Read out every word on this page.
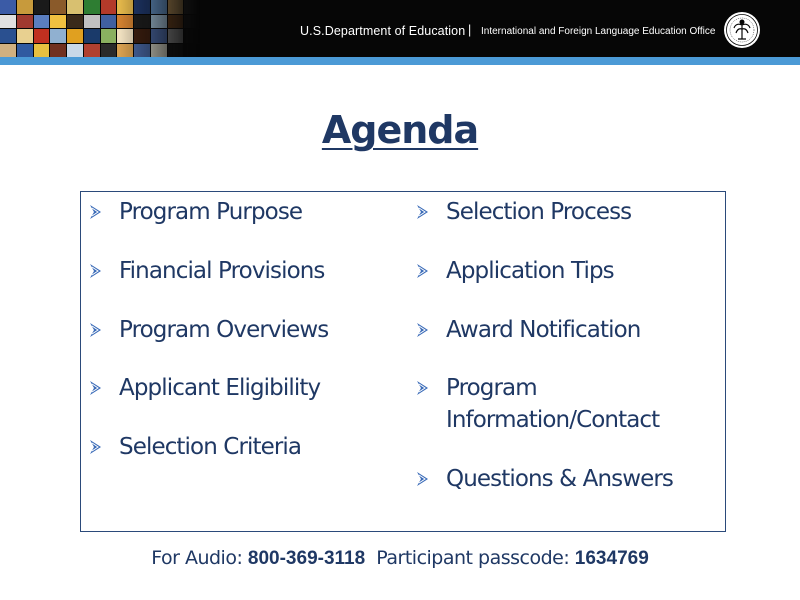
U.S.Department of Education | International and Foreign Language Education Office
Agenda
Program Purpose
Financial Provisions
Program Overviews
Applicant Eligibility
Selection Criteria
Selection Process
Application Tips
Award Notification
Program Information/Contact
Questions & Answers
For Audio: 800-369-3118 Participant passcode: 1634769
